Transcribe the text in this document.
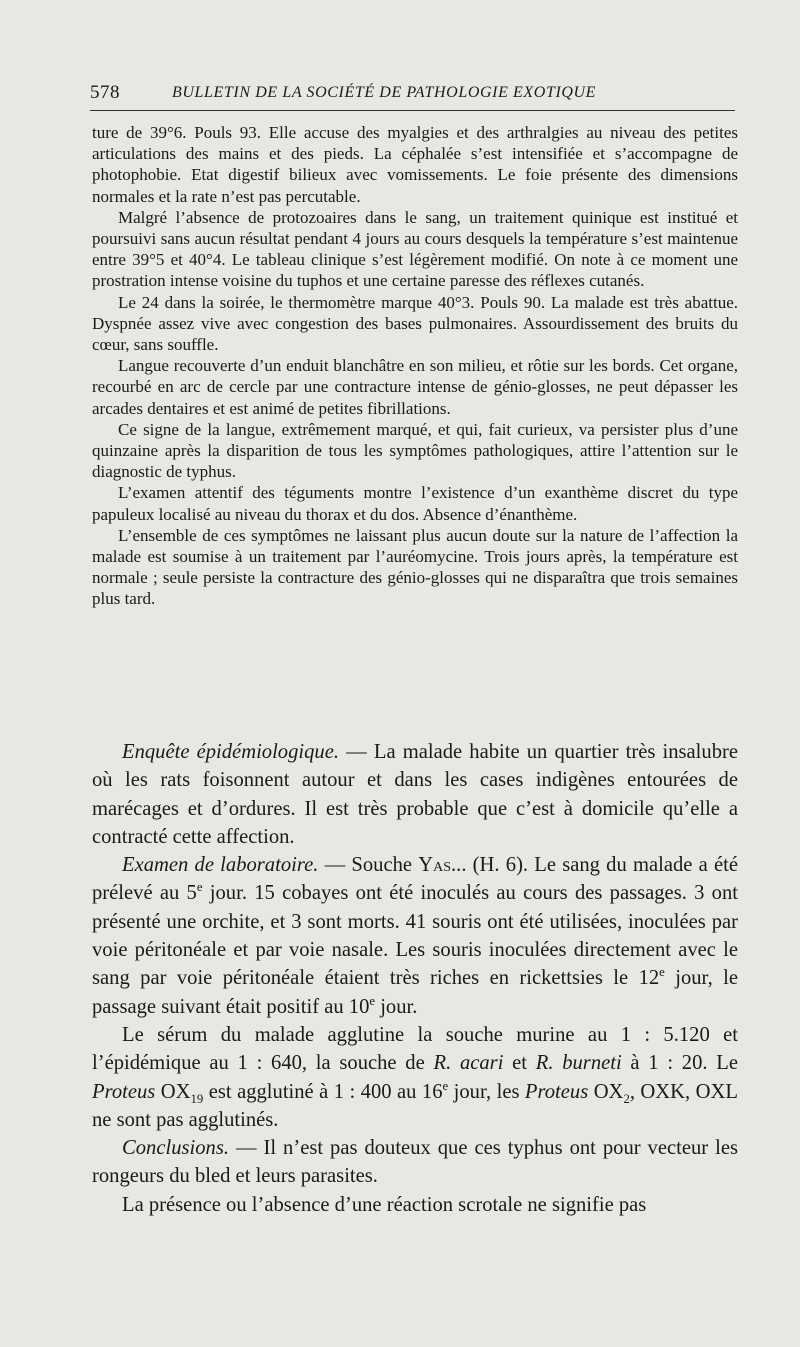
578	BULLETIN DE LA SOCIÉTÉ DE PATHOLOGIE EXOTIQUE

ture de 39°6. Pouls 93. Elle accuse des myalgies et des arthralgies au niveau des petites articulations des mains et des pieds. La céphalée s’est intensifiée et s’accompagne de photophobie. Etat digestif bilieux avec vomissements. Le foie présente des dimensions normales et la rate n’est pas percutable.

Malgré l’absence de protozoaires dans le sang, un traitement quinique est institué et poursuivi sans aucun résultat pendant 4 jours au cours desquels la température s’est maintenue entre 39°5 et 40°4. Le tableau clinique s’est légèrement modifié. On note à ce moment une prostration intense voisine du tuphos et une certaine paresse des réflexes cutanés.

Le 24 dans la soirée, le thermomètre marque 40°3. Pouls 90. La malade est très abattue. Dyspnée assez vive avec congestion des bases pulmonaires. Assourdissement des bruits du cœur, sans souffle.

Langue recouverte d’un enduit blanchâtre en son milieu, et rôtie sur les bords. Cet organe, recourbé en arc de cercle par une contracture intense de génio-glosses, ne peut dépasser les arcades dentaires et est animé de petites fibrillations.

Ce signe de la langue, extrêmement marqué, et qui, fait curieux, va persister plus d’une quinzaine après la disparition de tous les symptômes pathologiques, attire l’attention sur le diagnostic de typhus.

L’examen attentif des téguments montre l’existence d’un exanthème discret du type papuleux localisé au niveau du thorax et du dos. Absence d’énanthème.

L’ensemble de ces symptômes ne laissant plus aucun doute sur la nature de l’affection la malade est soumise à un traitement par l’auréomycine. Trois jours après, la température est normale ; seule persiste la contracture des génio-glosses qui ne disparaîtra que trois semaines plus tard.

Enquête épidémiologique. — La malade habite un quartier très insalubre où les rats foisonnent autour et dans les cases indigènes entourées de marécages et d’ordures. Il est très probable que c’est à domicile qu’elle a contracté cette affection.

Examen de laboratoire. — Souche Yas... (H. 6). Le sang du malade a été prélevé au 5e jour. 15 cobayes ont été inoculés au cours des passages. 3 ont présenté une orchite, et 3 sont morts. 41 souris ont été utilisées, inoculées par voie péritonéale et par voie nasale. Les souris inoculées directement avec le sang par voie péritonéale étaient très riches en rickettsies le 12e jour, le passage suivant était positif au 10e jour.

Le sérum du malade agglutine la souche murine au 1 : 5.120 et l’épidémique au 1 : 640, la souche de R. acari et R. burneti à 1 : 20. Le Proteus $OX_{19}$ est agglutiné à 1 : 400 au 16e jour, les Proteus $OX_2$, OXK, OXL ne sont pas agglutinés.

Conclusions. — Il n’est pas douteux que ces typhus ont pour vecteur les rongeurs du bled et leurs parasites.

La présence ou l’absence d’une réaction scrotale ne signifie pas
